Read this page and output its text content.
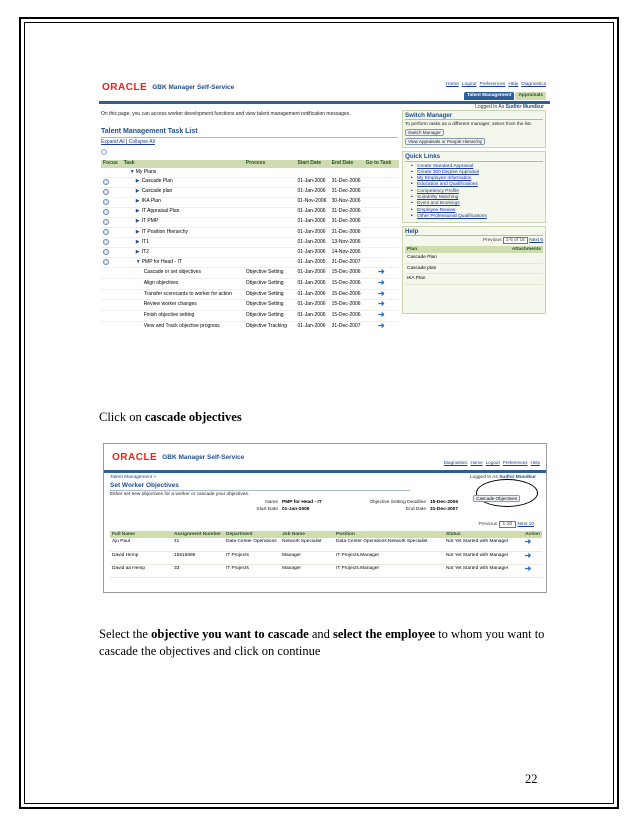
ORACLE GBK Manager Self-Service	Home Logout Preferences Help Diagnostics
Talent Management	Appraisals
Logged In As Sudhir Mundkur
On this page, you can access worker development functions and view talent management notification messages.
Talent Management Task List
Expand All | Collapse All
Focus	Task	Process	Start Date	End Date	Go to Task
	▼My Plans				
	▶ Cascade Plan		01-Jan-2006	31-Dec-2006	
	▶ Cascade plan		01-Jan-2006	31-Dec-2006	
	▶ IKA Plan		01-Nov-2006	30-Nov-2006	
	▶ IT Appraisal Plan		01-Jan-2006	31-Dec-2006	
	▶ IT PMP		01-Jan-2006	31-Dec-2006	
	▶ IT Position Hierarchy		01-Jan-2006	31-Dec-2006	
	▶ IT1		01-Jan-2006	13-Nov-2006	
	▶ IT2		01-Jan-2006	14-Nov-2006	
	▼PMP for Head - IT		01-Jan-2005	31-Dec-2007	
	Cascade or set objectives	Objective Setting	01-Jan-2006	15-Dec-2006	➜
	Align objectives	Objective Setting	01-Jan-2006	15-Dec-2006	➜
	Transfer scorecards to worker for action	Objective Setting	01-Jan-2006	15-Dec-2006	➜
	Review worker changes	Objective Setting	01-Jan-2006	15-Dec-2006	➜
	Finish objective setting	Objective Setting	01-Jan-2006	15-Dec-2006	➜
	View and Track objective progress	Objective Tracking	01-Jan-2006	31-Dec-2007	➜
Switch Manager
To perform tasks as a different manager, select from the list.
Switch Manager
View Appraisals or People Hierarchy
Quick Links
• Create Standard Appraisal
• Create 360 Degree Appraisal
• My Employee Information
• Education and Qualifications
• Competency Profile
• Suitability Matching
• Event and Bookings
• Employee Review
• Other Professional Qualifications
Help
Previous 1-5 of 16 Next 5
Plan	Attachments
Cascade Plan	
Cascade plan	
IKA Plan	
Click on cascade objectives
ORACLE GBK Manager Self-Service
Diagnostics Home Logout Preferences Help
Talent Management >	Logged In As Sudhir Mundkur
Set Worker Objectives
Either set new objectives for a worker or cascade your objectives.
Cascade Objectives
Name PMP for Head - IT
Start Date 01-Jan-2005
Objective Setting Deadline 15-Dec-2006
End Date 31-Dec-2007
Previous 1-10 Next 10
Full Name	Assignment Number	Department	Job Name	Position	Status	Action
Aju Paul	41	Data Center Operations	Network Specialist	Data Center Operations.Network Specialist	Not Yet Started with Manager	➜
David Hemp	15516686	IT Projects	Manager	IT Projects.Manager	Not Yet Started with Manager	➜
David aa Hemp	33	IT Projects	Manager	IT Projects.Manager	Not Yet Started with Manager	➜
Select the objective you want to cascade and select the employee to whom you want to cascade the objectives and click on continue
22
